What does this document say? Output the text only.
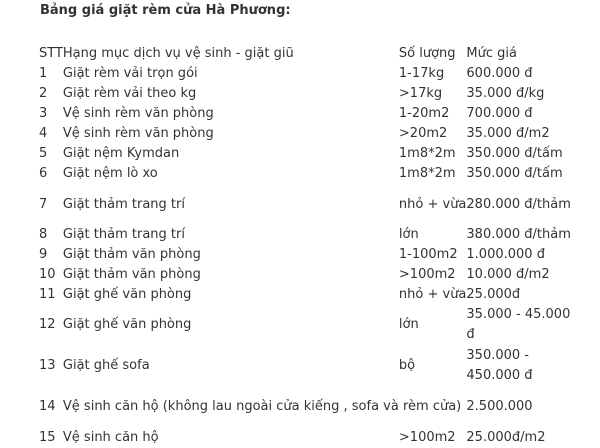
Bảng giá giặt rèm cửa Hà Phương:
STT	Hạng mục dịch vụ vệ sinh - giặt giũ	Số lượng	Mức giá
1	Giặt rèm vải trọn gói	1-17kg	600.000 đ
2	Giặt rèm vải theo kg	>17kg	35.000 đ/kg
3	Vệ sinh rèm văn phòng	1-20m2	700.000 đ
4	Vệ sinh rèm văn phòng	>20m2	35.000 đ/m2
5	Giặt nệm Kymdan	1m8*2m	350.000 đ/tấm
6	Giặt nệm lò xo	1m8*2m	350.000 đ/tấm
7	Giặt thảm trang trí	nhỏ + vừa	280.000 đ/thảm
8	Giặt thảm trang trí	lớn	380.000 đ/thảm
9	Giặt thảm văn phòng	1-100m2	1.000.000 đ
10	Giặt thảm văn phòng	>100m2	10.000 đ/m2
11	Giặt ghế văn phòng	nhỏ + vừa	25.000đ
12	Giặt ghế văn phòng	lớn	35.000 - 45.000 đ
13	Giặt ghế sofa	bộ	350.000 - 450.000 đ
14	Vệ sinh căn hộ (không lau ngoài cửa kiếng , sofa và rèm cửa)		2.500.000
15	Vệ sinh căn hộ	>100m2	25.000đ/m2
